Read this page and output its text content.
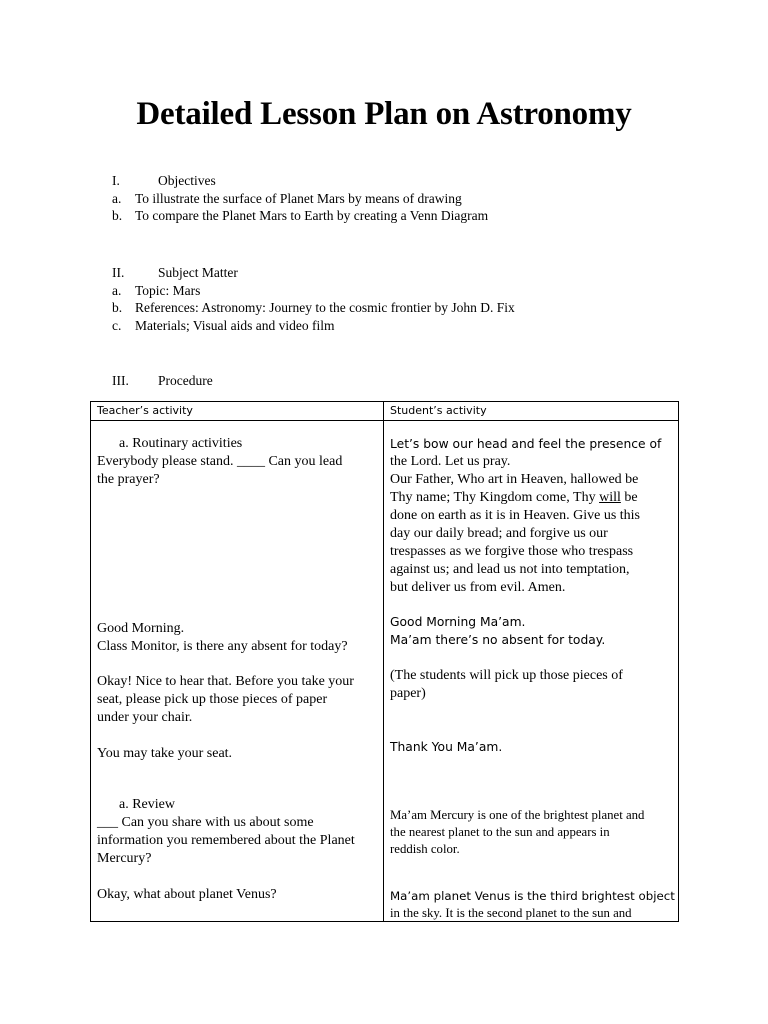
Detailed Lesson Plan on Astronomy
I.	Objectives
a. To illustrate the surface of Planet Mars by means of drawing
b. To compare the Planet Mars to Earth by creating a Venn Diagram
II. Subject Matter
a. Topic: Mars
b. References: Astronomy: Journey to the cosmic frontier by John D. Fix
c. Materials; Visual aids and video film
III. Procedure
Teacher’s activity	Student’s activity
a. Routinary activities
Everybody please stand. ____ Can you lead
the prayer?
Good Morning.
Class Monitor, is there any absent for today?
Okay! Nice to hear that. Before you take your
seat, please pick up those pieces of paper
under your chair.
You may take your seat.
a. Review
___ Can you share with us about some
information you remembered about the Planet
Mercury?
Okay, what about planet Venus?
Let’s bow our head and feel the presence of
the Lord. Let us pray.
Our Father, Who art in Heaven, hallowed be
Thy name; Thy Kingdom come, Thy will be
done on earth as it is in Heaven. Give us this
day our daily bread; and forgive us our
trespasses as we forgive those who trespass
against us; and lead us not into temptation,
but deliver us from evil. Amen.
Good Morning Ma’am.
Ma’am there’s no absent for today.
(The students will pick up those pieces of
paper)
Thank You Ma’am.
Ma’am Mercury is one of the brightest planet and
the nearest planet to the sun and appears in
reddish color.
Ma’am planet Venus is the third brightest object
in the sky. It is the second planet to the sun and
